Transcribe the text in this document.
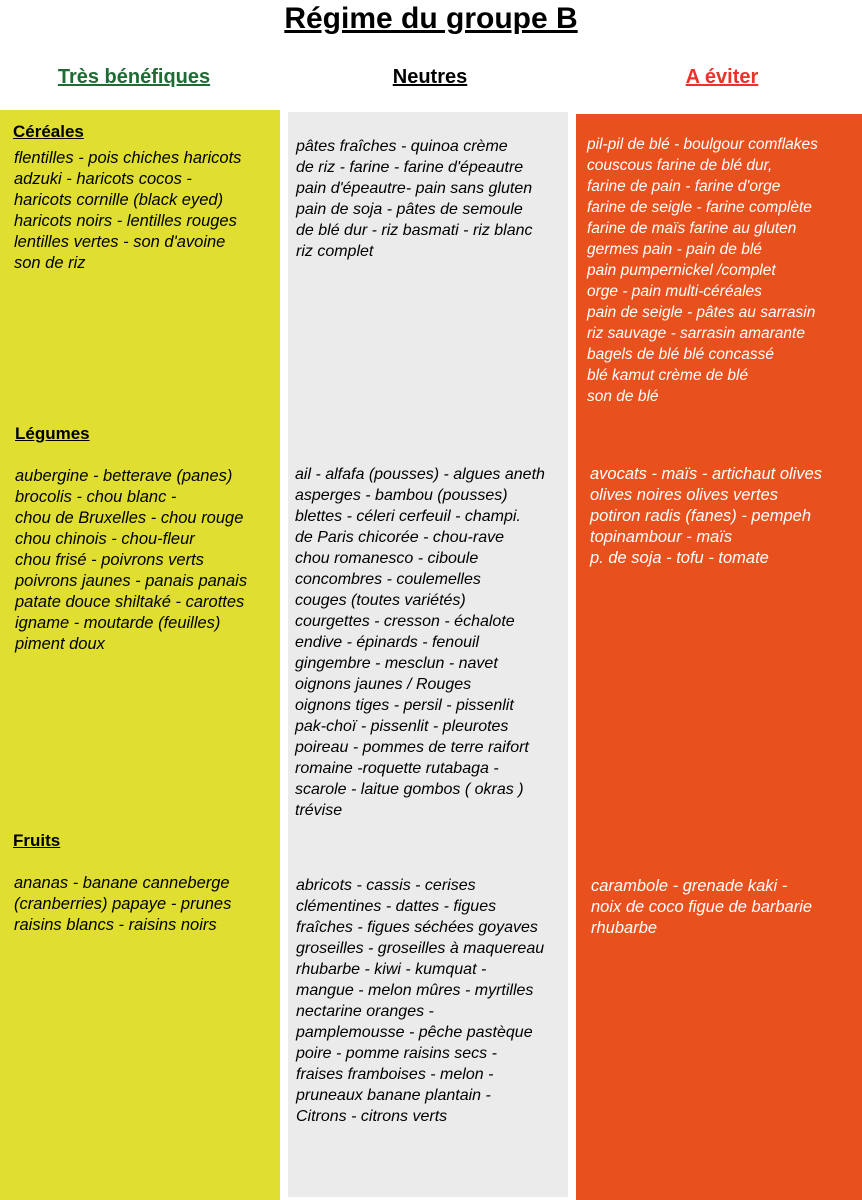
Régime du groupe B
Très bénéfiques	Neutres	A éviter
Céréales
flentilles - pois chiches haricots
adzuki - haricots cocos -
haricots cornille (black eyed)
haricots noirs - lentilles rouges
lentilles vertes - son d'avoine
son de riz
Légumes
aubergine - betterave (panes)
brocolis - chou blanc -
chou de Bruxelles - chou rouge
chou chinois - chou-fleur
chou frisé - poivrons verts
poivrons jaunes - panais panais
patate douce shiltaké - carottes
igname - moutarde (feuilles)
piment doux
Fruits
ananas - banane canneberge
(cranberries) papaye - prunes
raisins blancs - raisins noirs
pâtes fraîches - quinoa crème
de riz - farine - farine d'épeautre
pain d'épeautre- pain sans gluten
pain de soja - pâtes de semoule
de blé dur - riz basmati - riz blanc
riz complet
ail - alfafa (pousses) - algues aneth
asperges - bambou (pousses)
blettes - céleri cerfeuil - champi.
de Paris chicorée - chou-rave
chou romanesco - ciboule
concombres - coulemelles
couges (toutes variétés)
courgettes - cresson - échalote
endive - épinards - fenouil
gingembre - mesclun - navet
oignons jaunes / Rouges
oignons tiges - persil - pissenlit
pak-choï - pissenlit - pleurotes
poireau - pommes de terre raifort
romaine -roquette rutabaga -
scarole - laitue gombos ( okras )
trévise
abricots - cassis - cerises
clémentines - dattes - figues
fraîches - figues séchées goyaves
groseilles - groseilles à maquereau
rhubarbe - kiwi - kumquat -
mangue - melon mûres - myrtilles
nectarine oranges -
pamplemousse - pêche pastèque
poire - pomme raisins secs -
fraises framboises - melon -
pruneaux banane plantain -
Citrons - citrons verts
pil-pil de blé - boulgour comflakes
couscous farine de blé dur,
farine de pain - farine d'orge
farine de seigle - farine complète
farine de maïs farine au gluten
germes pain - pain de blé
pain pumpernickel /complet
orge - pain multi-céréales
pain de seigle - pâtes au sarrasin
riz sauvage - sarrasin amarante
bagels de blé blé concassé
blé kamut crème de blé
son de blé
avocats - maïs - artichaut olives
olives noires olives vertes
potiron radis (fanes) - pempeh
topinambour - maïs
p. de soja - tofu - tomate
carambole - grenade kaki -
noix de coco figue de barbarie
rhubarbe
